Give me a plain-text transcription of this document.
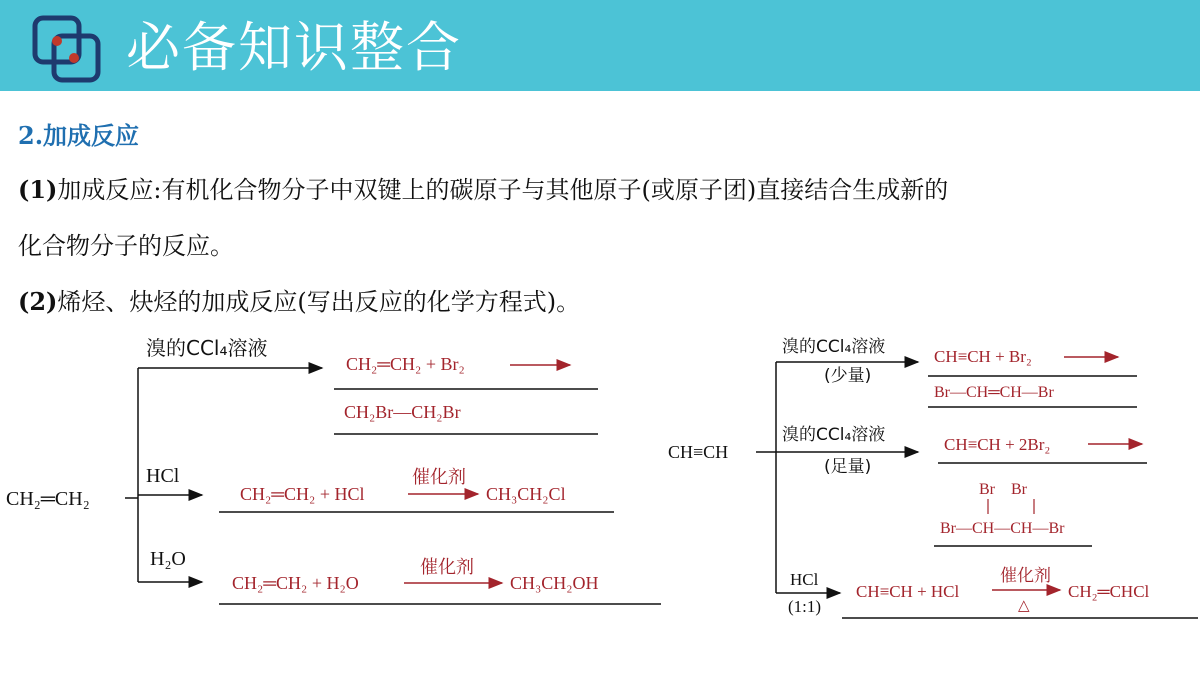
必备知识整合
2.加成反应
(1)加成反应:有机化合物分子中双键上的碳原子与其他原子(或原子团)直接结合生成新的
化合物分子的反应。
(2)烯烃、炔烃的加成反应(写出反应的化学方程式)。
CH₂═CH₂
溴的CCl₄溶液
HCl
H₂O
CH₂═CH₂ + Br₂
CH₂Br—CH₂Br
CH₂═CH₂ + HCl
催化剂
CH₃CH₂Cl
CH₂═CH₂ + H₂O
催化剂
CH₃CH₂OH
CH≡CH
溴的CCl₄溶液
(少量)
溴的CCl₄溶液
(足量)
HCl
(1:1)
CH≡CH + Br₂
Br—CH═CH—Br
CH≡CH + 2Br₂
Br    Br
Br—CH—CH—Br
CH≡CH + HCl
催化剂
△
CH₂═CHCl
